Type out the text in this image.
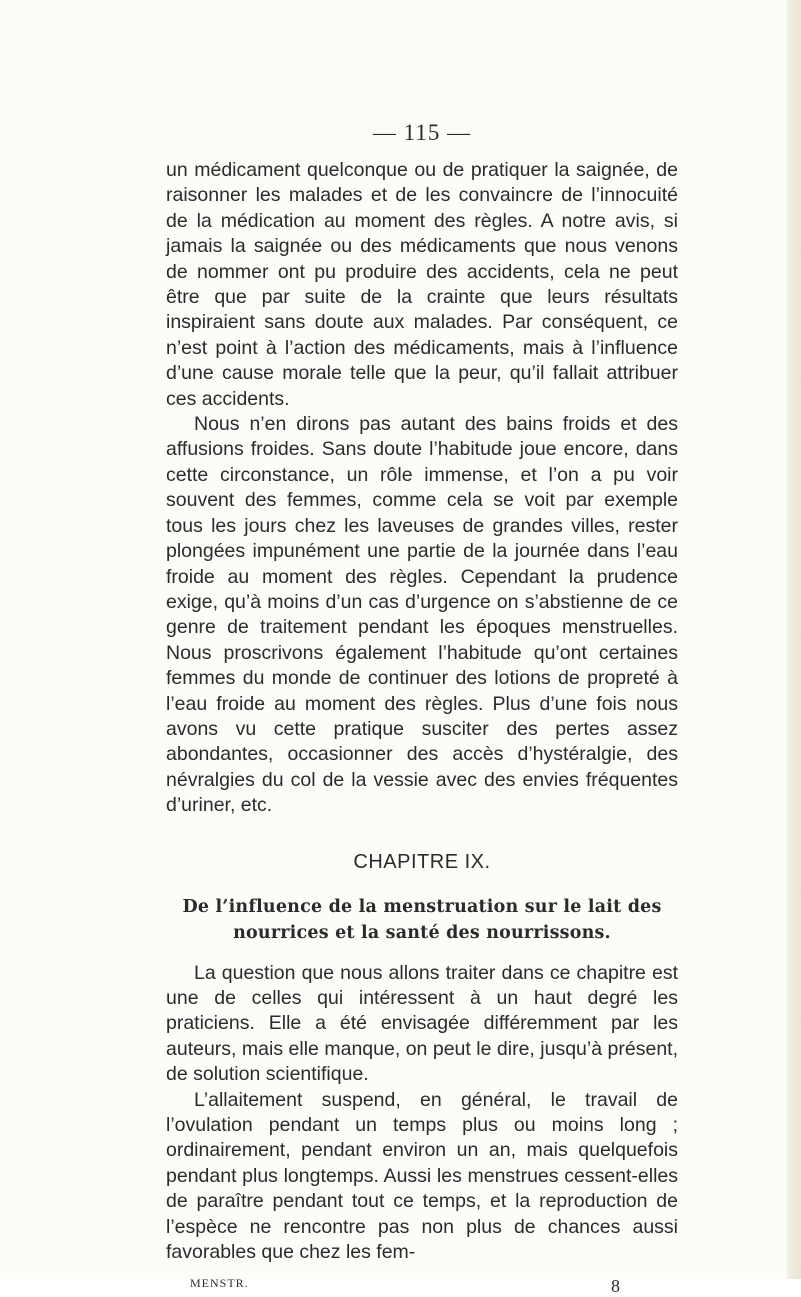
— 115 —

un médicament quelconque ou de pratiquer la saignée, de raisonner les malades et de les convaincre de l’innocuité de la médication au moment des règles. A notre avis, si jamais la saignée ou des médicaments que nous venons de nommer ont pu produire des accidents, cela ne peut être que par suite de la crainte que leurs résultats inspiraient sans doute aux malades. Par conséquent, ce n’est point à l’action des médicaments, mais à l’influence d’une cause morale telle que la peur, qu’il fallait attribuer ces accidents.

Nous n’en dirons pas autant des bains froids et des affusions froides. Sans doute l’habitude joue encore, dans cette circonstance, un rôle immense, et l’on a pu voir souvent des femmes, comme cela se voit par exemple tous les jours chez les laveuses de grandes villes, rester plongées impunément une partie de la journée dans l’eau froide au moment des règles. Cependant la prudence exige, qu’à moins d’un cas d’urgence on s’abstienne de ce genre de traitement pendant les époques menstruelles. Nous proscrivons également l’habitude qu’ont certaines femmes du monde de continuer des lotions de propreté à l’eau froide au moment des règles. Plus d’une fois nous avons vu cette pratique susciter des pertes assez abondantes, occasionner des accès d’hystéralgie, des névralgies du col de la vessie avec des envies fréquentes d’uriner, etc.

CHAPITRE IX.
De l’influence de la menstruation sur le lait des
nourrices et la santé des nourrissons.

La question que nous allons traiter dans ce chapitre est une de celles qui intéressent à un haut degré les praticiens. Elle a été envisagée différemment par les auteurs, mais elle manque, on peut le dire, jusqu’à présent, de solution scientifique.

L’allaitement suspend, en général, le travail de l’ovulation pendant un temps plus ou moins long ; ordinairement, pendant environ un an, mais quelquefois pendant plus longtemps. Aussi les menstrues cessent-elles de paraître pendant tout ce temps, et la reproduction de l’espèce ne rencontre pas non plus de chances aussi favorables que chez les fem-

MENSTR.	8
